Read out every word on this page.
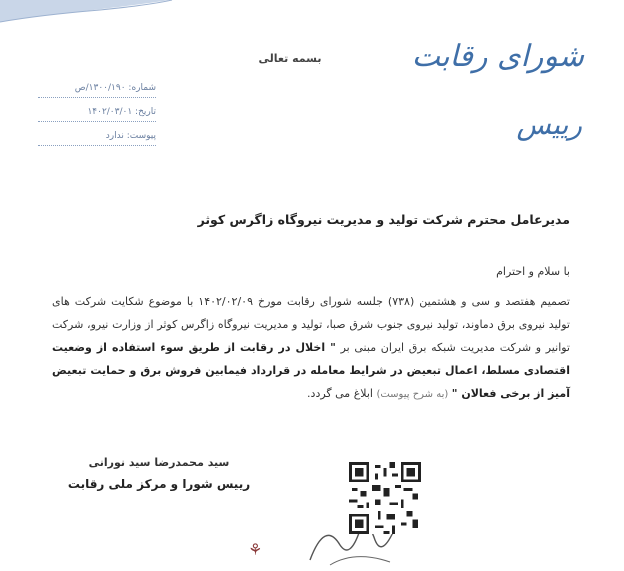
بسمه تعالی	شورای رقابت
رییس
شماره: ۱۳۰۰/۱۹۰/ص
تاریخ: ۱۴۰۲/۰۳/۰۱
پیوست: ندارد
مدیرعامل محترم شرکت تولید و مدیریت نیروگاه زاگرس کوثر
با سلام و احترام

تصمیم هفتصد و سی و هشتمین (۷۳۸) جلسه شورای رقابت مورخ ۱۴۰۲/۰۲/۰۹ با موضوع شکایت شرکت های تولید نیروی برق دماوند، تولید نیروی جنوب شرق صبا، تولید و مدیریت نیروگاه زاگرس کوثر از وزارت نیرو، شرکت توانیر و شرکت مدیریت شبکه برق ایران مبنی بر " اخلال در رقابت از طریق سوء استفاده از وضعیت اقتصادی مسلط، اعمال تبعیض در شرایط معامله در قرارداد فیمابین فروش برق و حمایت تبعیض آمیز از برخی فعالان " (به شرح پیوست) ابلاغ می گردد.

سید محمدرضا سید نورانی
رییس شورا و مرکز ملی رقابت
⚘
